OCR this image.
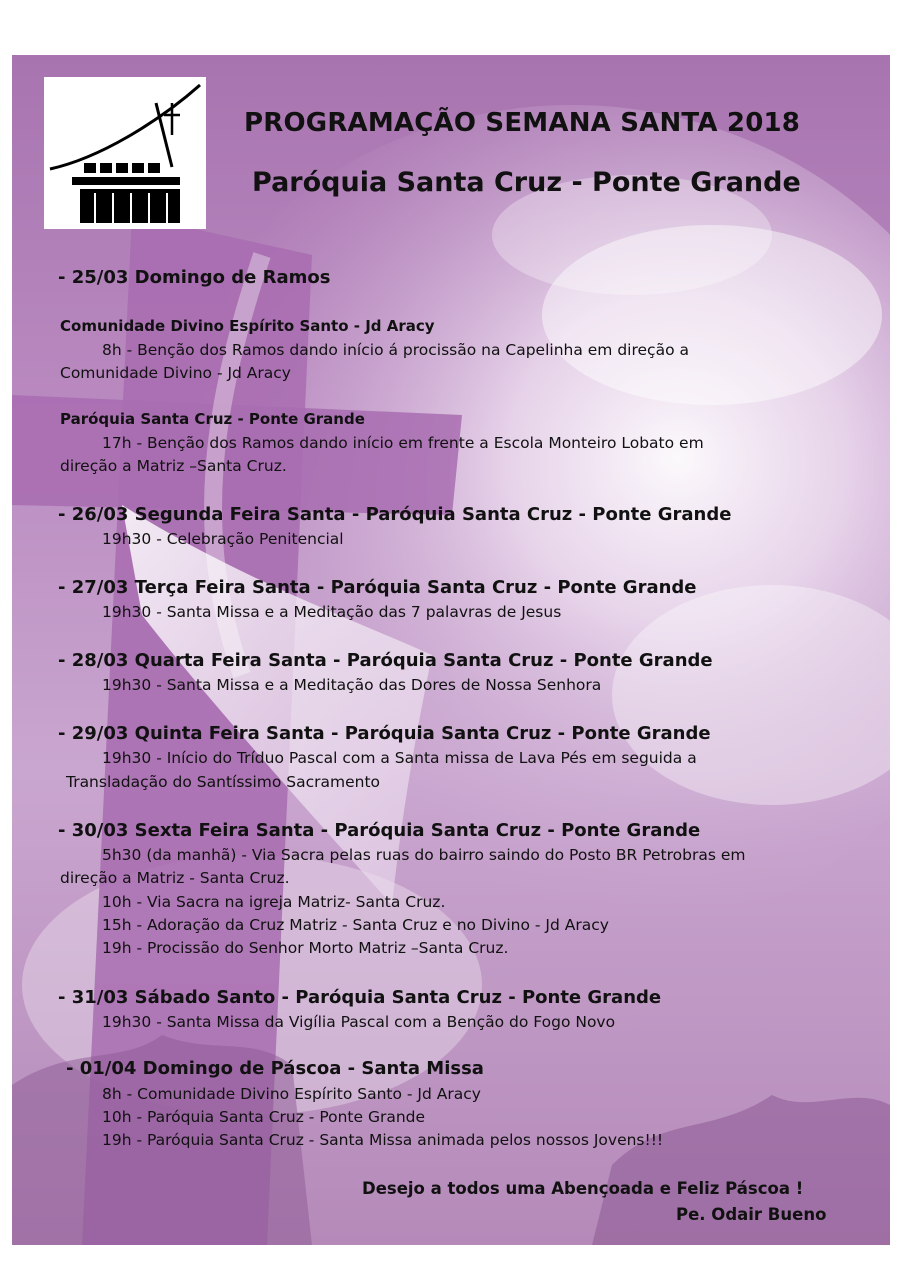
PROGRAMAÇÃO SEMANA SANTA 2018
Paróquia Santa Cruz - Ponte Grande
- 25/03 Domingo de Ramos
Comunidade Divino Espírito Santo - Jd Aracy
8h - Benção dos Ramos dando início á procissão na Capelinha em direção a
Comunidade Divino - Jd Aracy
Paróquia Santa Cruz - Ponte Grande
17h - Benção dos Ramos dando início em frente a Escola Monteiro Lobato em
direção a Matriz –Santa Cruz.
- 26/03 Segunda Feira Santa - Paróquia Santa Cruz - Ponte Grande
19h30 - Celebração Penitencial
- 27/03 Terça Feira Santa - Paróquia Santa Cruz - Ponte Grande
19h30 - Santa Missa e a Meditação das 7 palavras de Jesus
- 28/03 Quarta Feira Santa - Paróquia Santa Cruz - Ponte Grande
19h30 - Santa Missa e a Meditação das Dores de Nossa Senhora
- 29/03 Quinta Feira Santa - Paróquia Santa Cruz - Ponte Grande
19h30 - Início do Tríduo Pascal com a Santa missa de Lava Pés em seguida a
Transladação do Santíssimo Sacramento
- 30/03 Sexta Feira Santa - Paróquia Santa Cruz - Ponte Grande
5h30 (da manhã) - Via Sacra pelas ruas do bairro saindo do Posto BR Petrobras em
direção a Matriz - Santa Cruz.
10h - Via Sacra na igreja Matriz- Santa Cruz.
15h - Adoração da Cruz Matriz - Santa Cruz e no Divino - Jd Aracy
19h - Procissão do Senhor Morto Matriz –Santa Cruz.
- 31/03 Sábado Santo - Paróquia Santa Cruz - Ponte Grande
19h30 - Santa Missa da Vigília Pascal com a Benção do Fogo Novo
- 01/04 Domingo de Páscoa - Santa Missa
8h - Comunidade Divino Espírito Santo - Jd Aracy
10h - Paróquia Santa Cruz - Ponte Grande
19h - Paróquia Santa Cruz - Santa Missa animada pelos nossos Jovens!!!
Desejo a todos uma Abençoada e Feliz Páscoa !
Pe. Odair Bueno
